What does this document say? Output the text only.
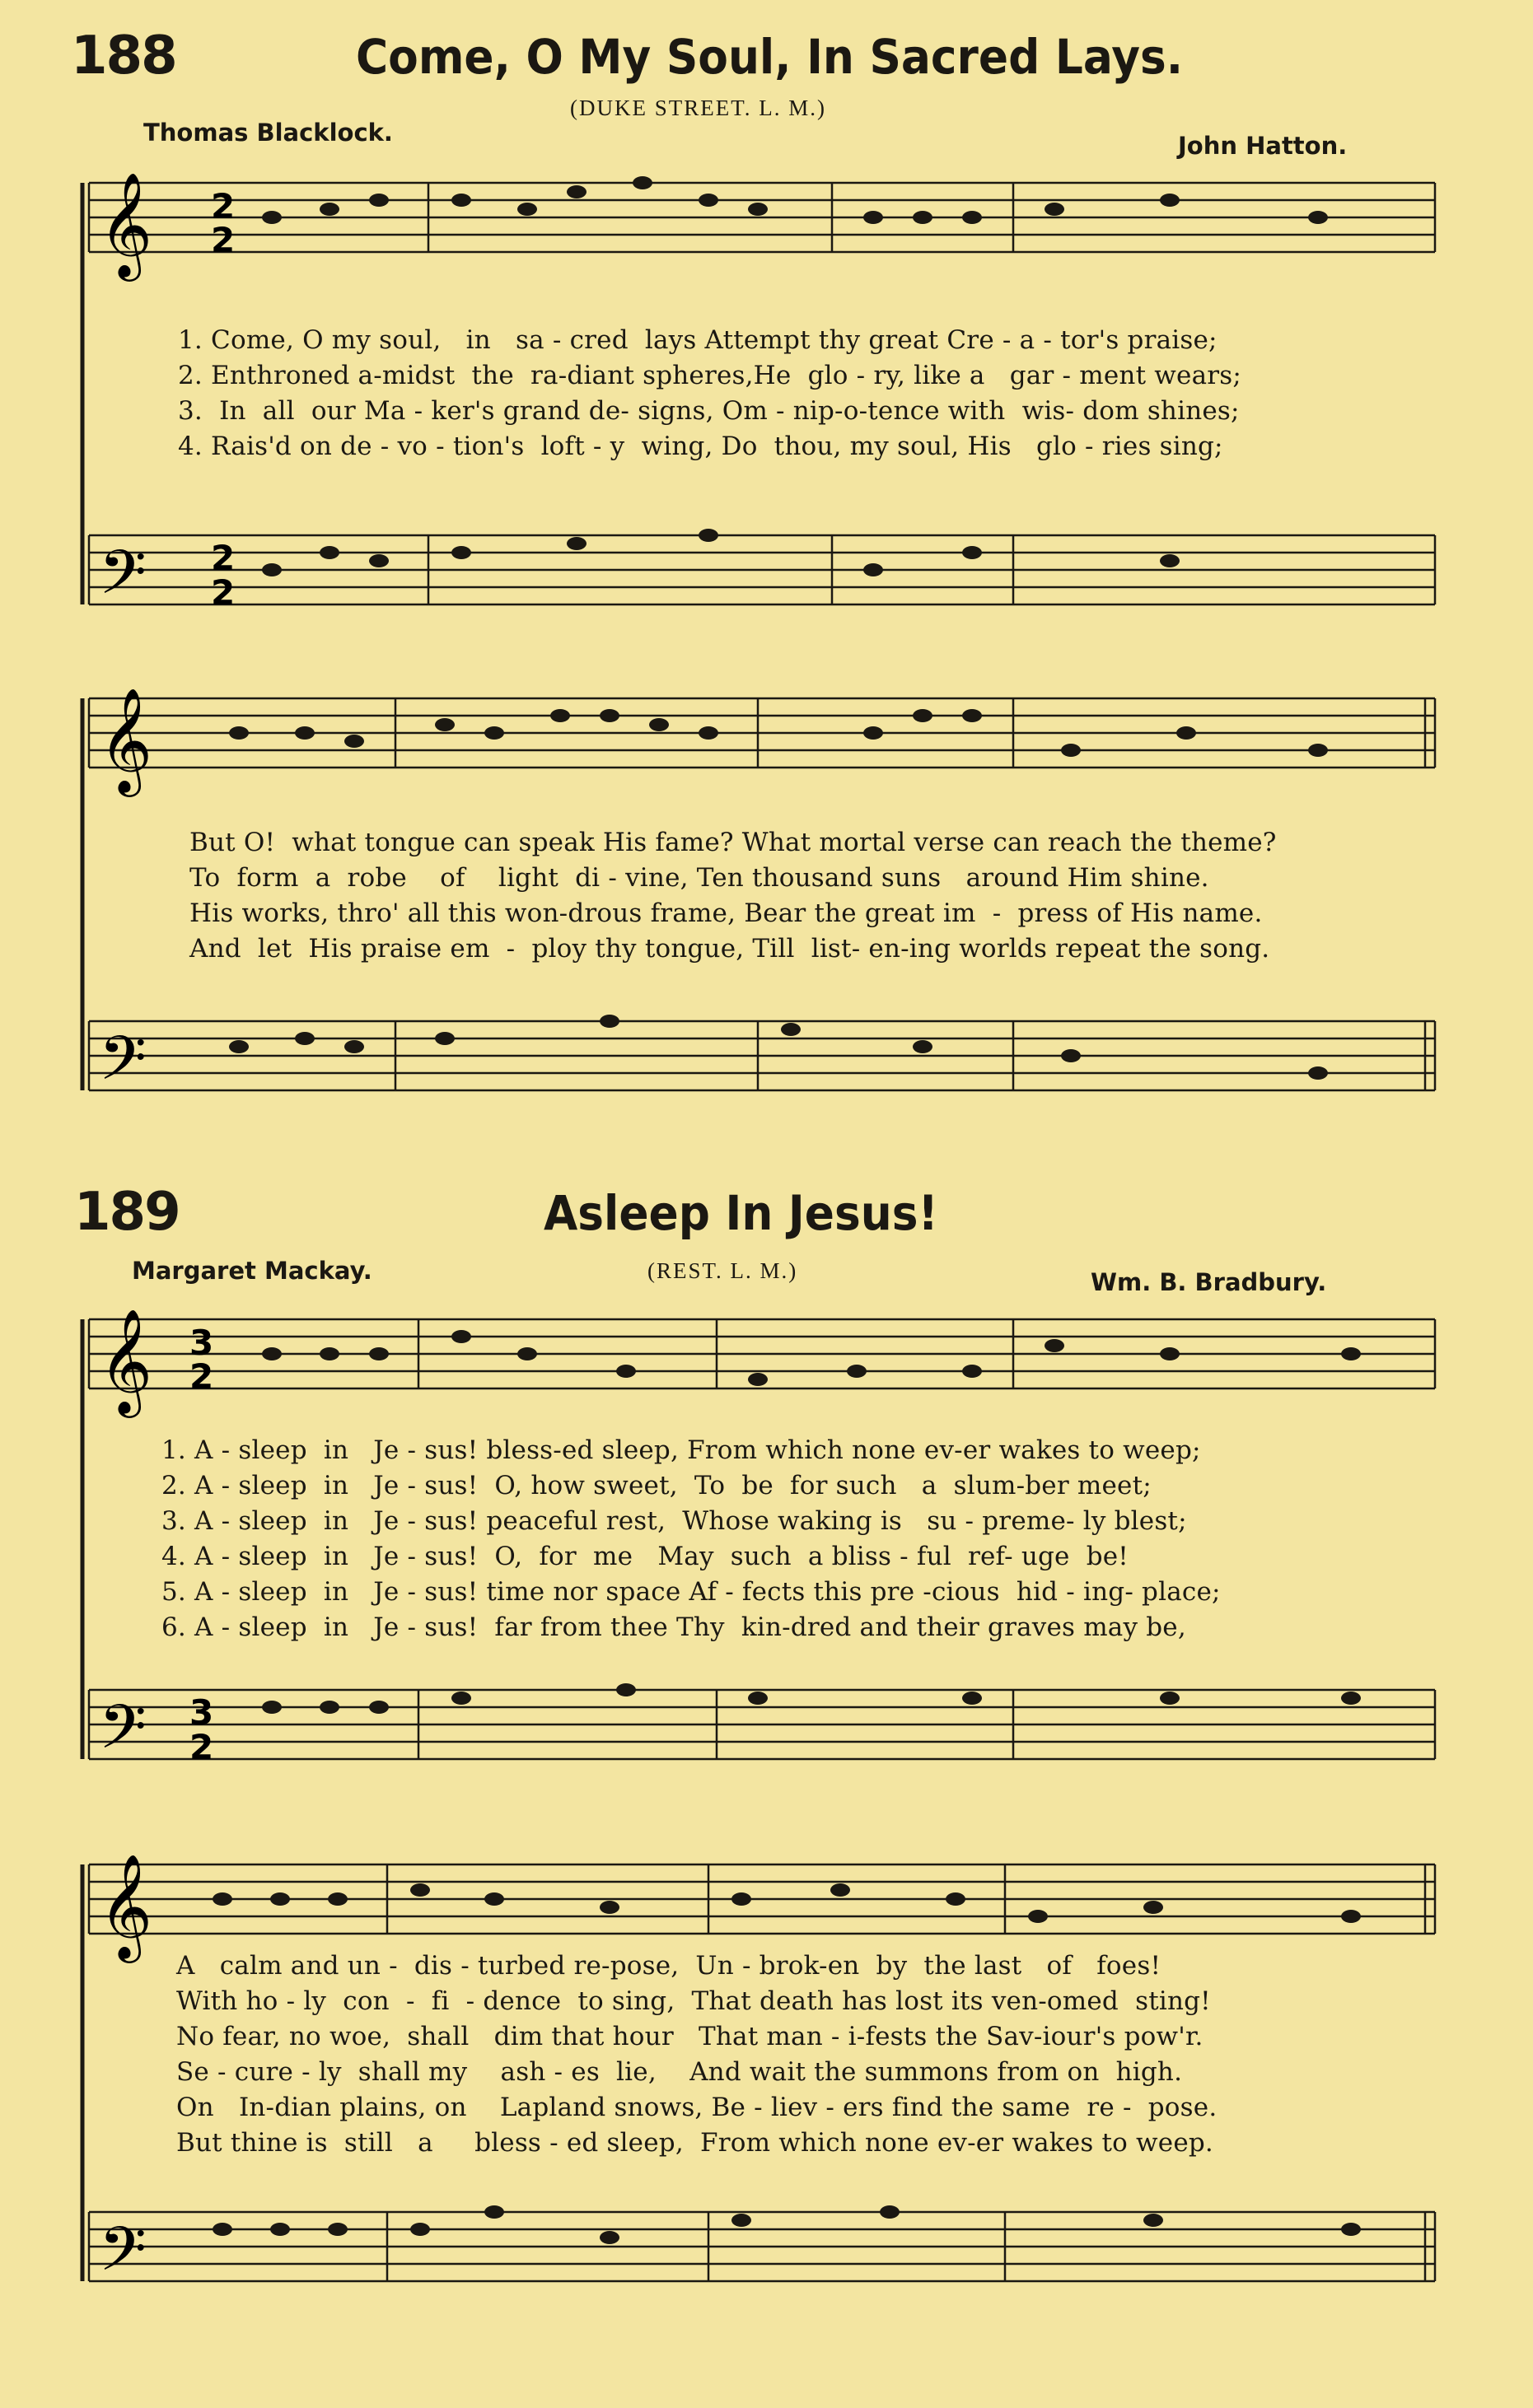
188	Come, O My Soul, In Sacred Lays.
(DUKE STREET. L. M.)
Thomas Blacklock.	John Hatton.
𝄞
𝄢
2
2
2
2
𝄞
𝄢
1. Come, O my soul,   in   sa - cred  lays Attempt thy great Cre - a - tor's praise;
2. Enthroned a-midst  the  ra-diant spheres,He  glo - ry, like a   gar - ment wears;
3.  In  all  our Ma - ker's grand de- signs, Om - nip-o-tence with  wis- dom shines;
4. Rais'd on de - vo - tion's  loft - y  wing, Do  thou, my soul, His   glo - ries sing;
But O!  what tongue can speak His fame? What mortal verse can reach the theme?
To  form  a  robe    of    light  di - vine, Ten thousand suns   around Him shine.
His works, thro' all this won-drous frame, Bear the great im  -  press of His name.
And  let  His praise em  -  ploy thy tongue, Till  list- en-ing worlds repeat the song.
189	Asleep In Jesus!
Margaret Mackay.	(REST. L. M.)	Wm. B. Bradbury.
𝄞
𝄢
3
2
3
2
𝄞
𝄢
1. A - sleep  in   Je - sus! bless-ed sleep, From which none ev-er wakes to weep;
2. A - sleep  in   Je - sus!  O, how sweet,  To  be  for such   a  slum-ber meet;
3. A - sleep  in   Je - sus! peaceful rest,  Whose waking is   su - preme- ly blest;
4. A - sleep  in   Je - sus!  O,  for  me   May  such  a bliss - ful  ref- uge  be!
5. A - sleep  in   Je - sus! time nor space Af - fects this pre -cious  hid - ing- place;
6. A - sleep  in   Je - sus!  far from thee Thy  kin-dred and their graves may be,
A   calm and un -  dis - turbed re-pose,  Un - brok-en  by  the last   of   foes!
With ho - ly  con  -  fi  - dence  to sing,  That death has lost its ven-omed  sting!
No fear, no woe,  shall   dim that hour   That man - i-fests the Sav-iour's pow'r.
Se - cure - ly  shall my    ash - es  lie,    And wait the summons from on  high.
On   In-dian plains, on    Lapland snows, Be - liev - ers find the same  re -  pose.
But thine is  still   a     bless - ed sleep,  From which none ev-er wakes to weep.
